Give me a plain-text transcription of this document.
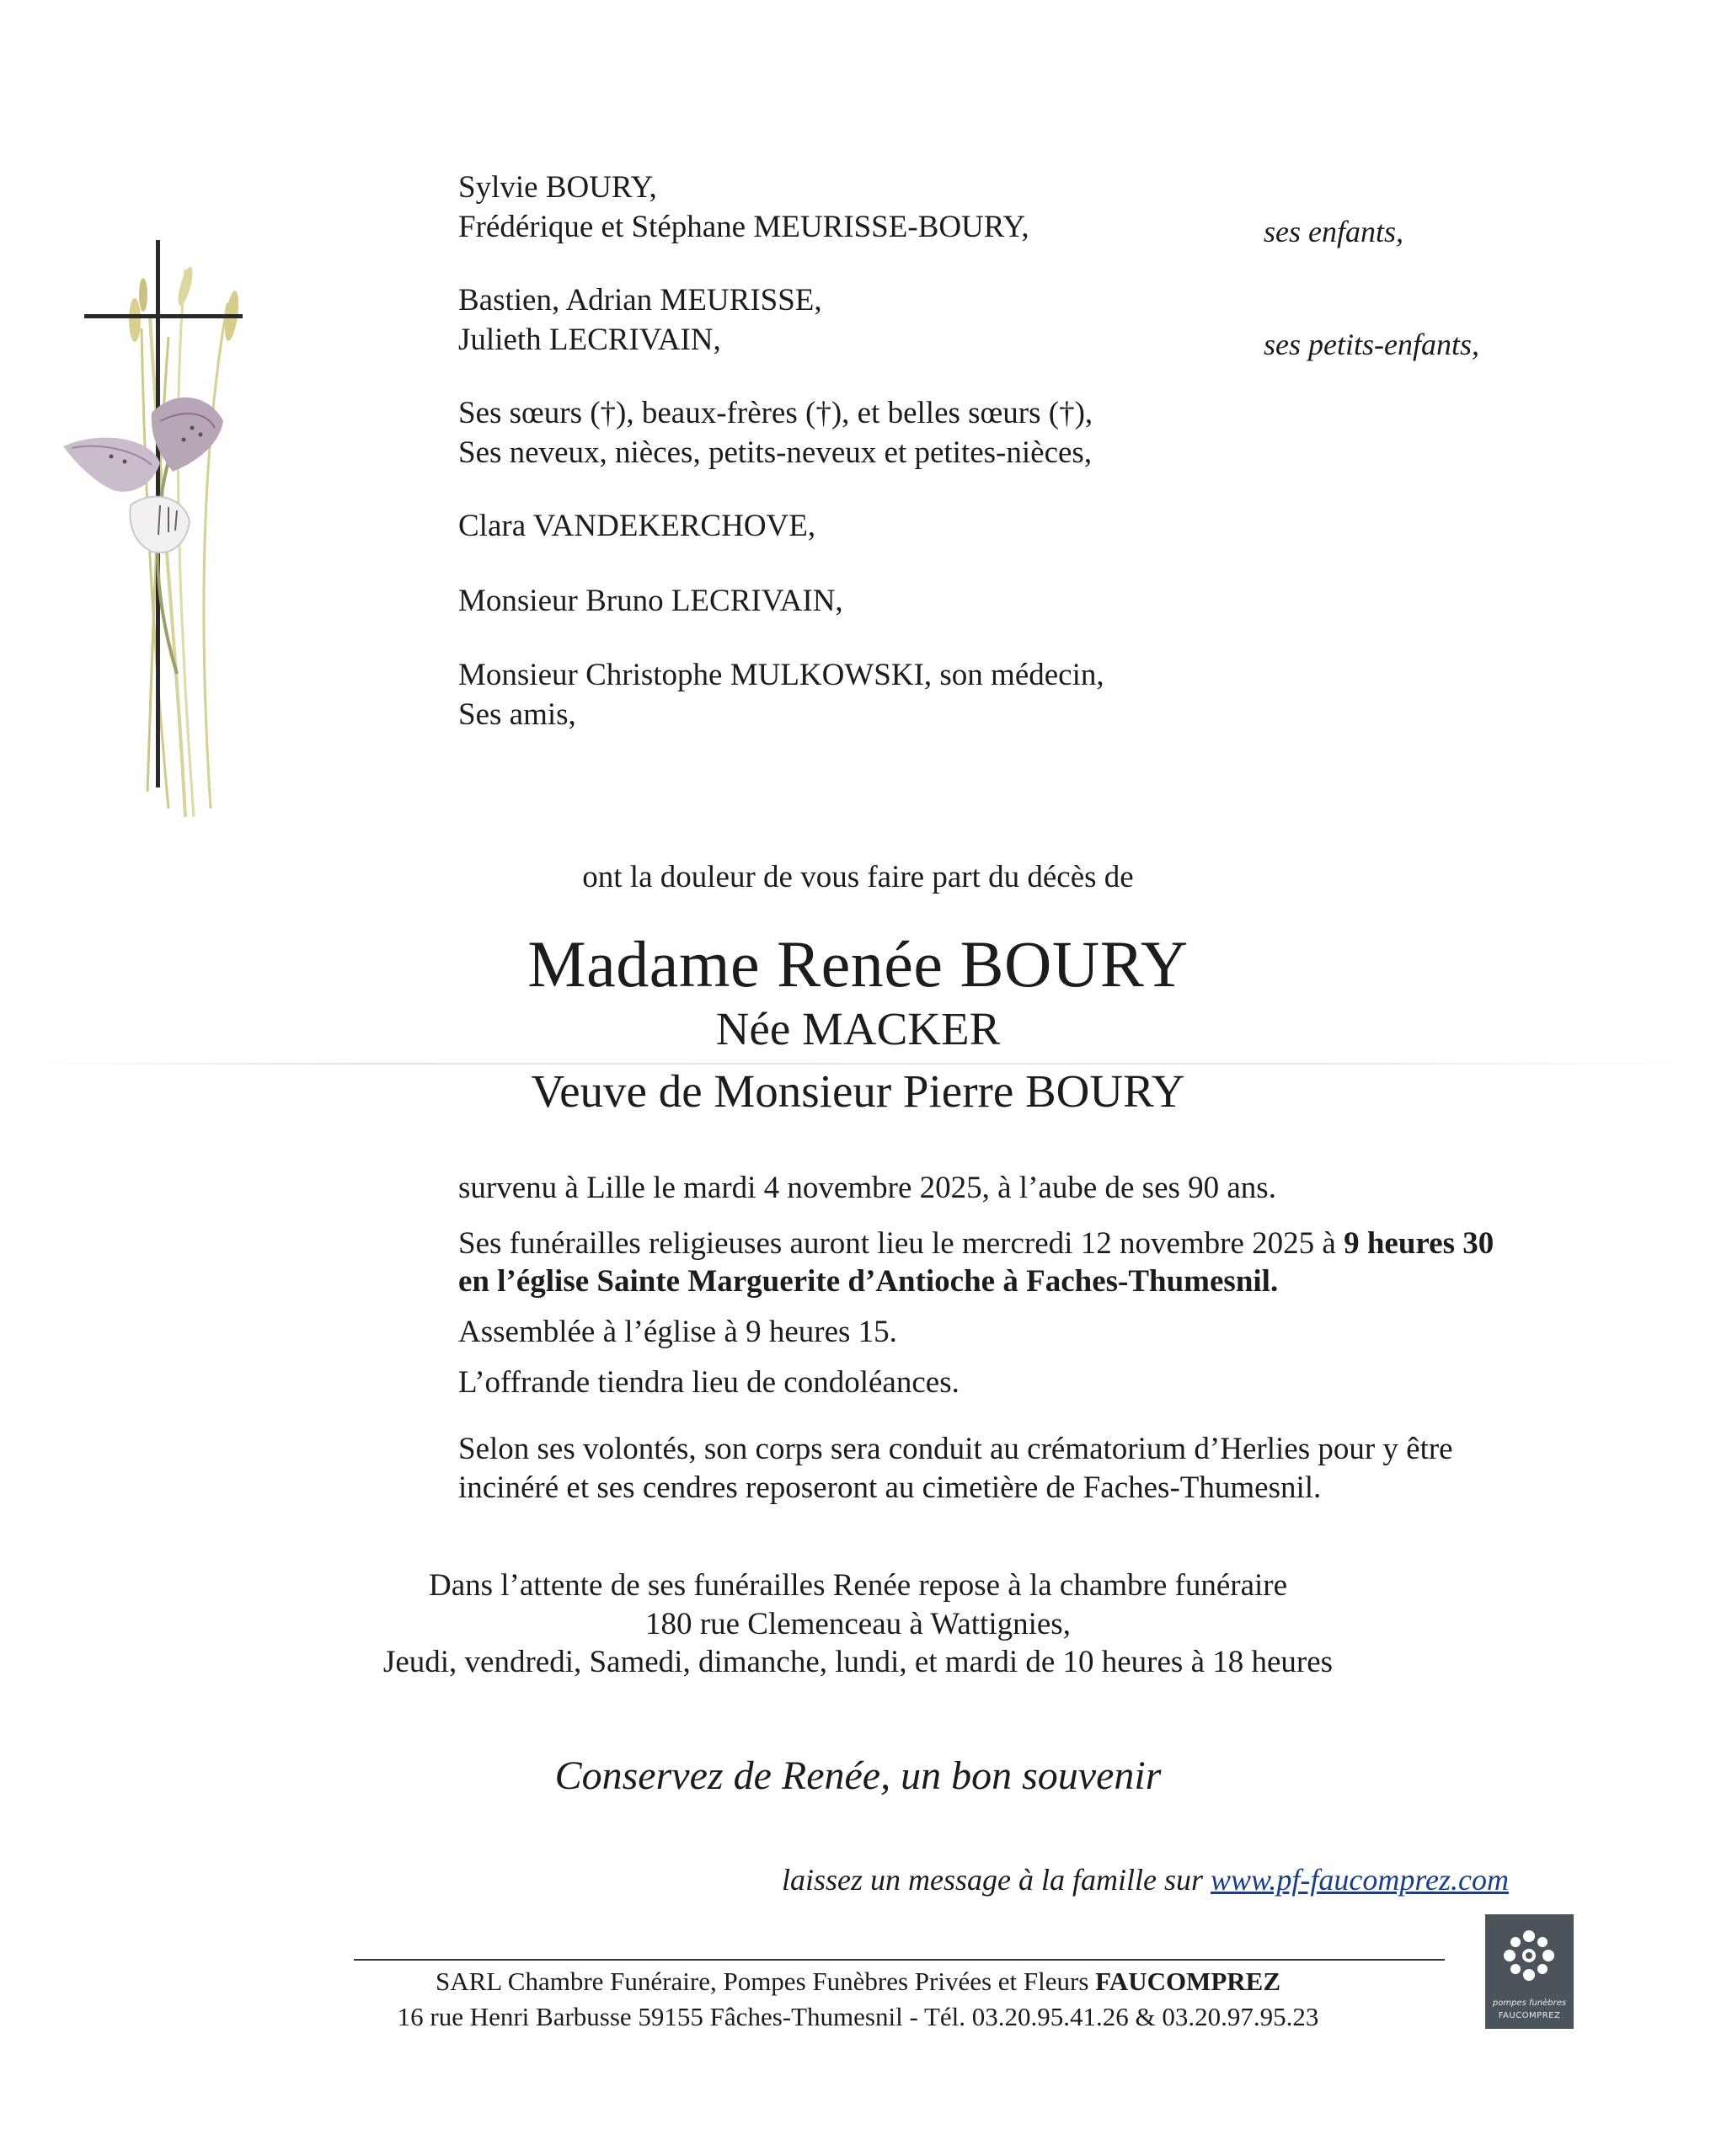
Sylvie BOURY,
Frédérique et Stéphane MEURISSE-BOURY,	ses enfants,
Bastien, Adrian MEURISSE,
Julieth LECRIVAIN,	ses petits-enfants,
Ses sœurs (†), beaux-frères (†), et belles sœurs (†),
Ses neveux, nièces, petits-neveux et petites-nièces,
Clara VANDEKERCHOVE,
Monsieur Bruno LECRIVAIN,
Monsieur Christophe MULKOWSKI, son médecin,
Ses amis,
ont la douleur de vous faire part du décès de
Madame Renée BOURY
Née MACKER
Veuve de Monsieur Pierre BOURY
survenu à Lille le mardi 4 novembre 2025, à l’aube de ses 90 ans.
Ses funérailles religieuses auront lieu le mercredi 12 novembre 2025 à 9 heures 30
en l’église Sainte Marguerite d’Antioche à Faches-Thumesnil.
Assemblée à l’église à 9 heures 15.
L’offrande tiendra lieu de condoléances.
Selon ses volontés, son corps sera conduit au crématorium d’Herlies pour y être
incinéré et ses cendres reposeront au cimetière de Faches-Thumesnil.
Dans l’attente de ses funérailles Renée repose à la chambre funéraire
180 rue Clemenceau à Wattignies,
Jeudi, vendredi, Samedi, dimanche, lundi, et mardi de 10 heures à 18 heures
Conservez de Renée, un bon souvenir
laissez un message à la famille sur www.pf-faucomprez.com
SARL Chambre Funéraire, Pompes Funèbres Privées et Fleurs FAUCOMPREZ
16 rue Henri Barbusse 59155 Fâches-Thumesnil - Tél. 03.20.95.41.26 & 03.20.97.95.23	pompes funèbres
FAUCOMPREZ
